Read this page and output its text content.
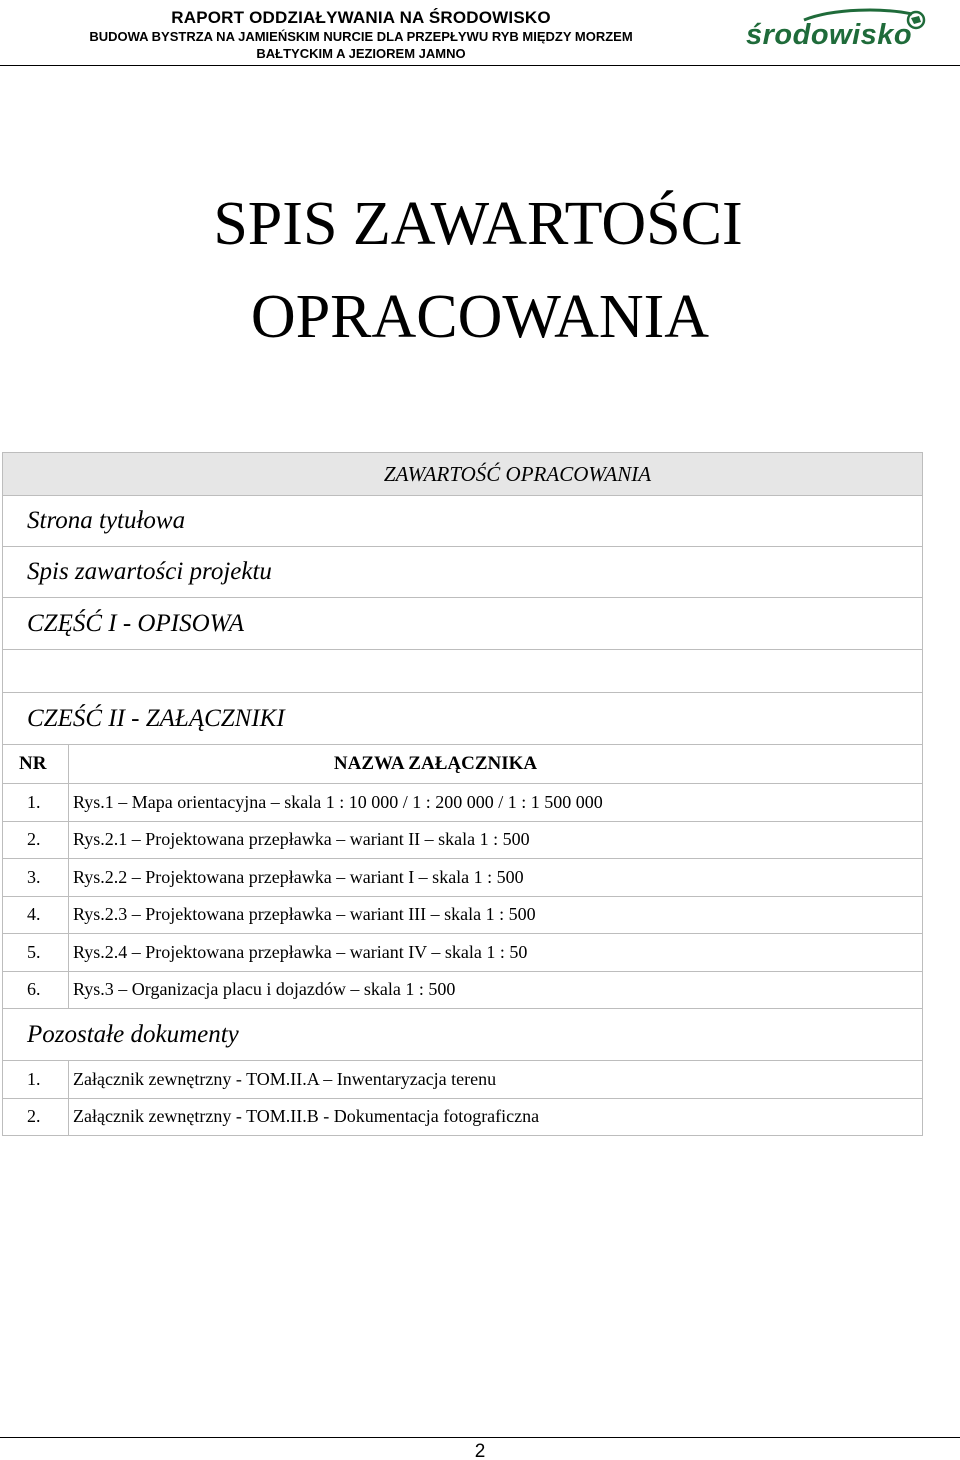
RAPORT ODDZIAŁYWANIA NA ŚRODOWISKO
BUDOWA BYSTRZA NA JAMIEŃSKIM NURCIE DLA PRZEPŁYWU RYB MIĘDZY MORZEM
BAŁTYCKIM A JEZIOREM JAMNO
środowisko
SPIS ZAWARTOŚCI
OPRACOWANIA
ZAWARTOŚĆ OPRACOWANIA	
Strona tytułowa	
Spis zawartości projektu	
CZĘŚĆ I - OPISOWA	

CZEŚĆ II - ZAŁĄCZNIKI	
NR	NAZWA ZAŁĄCZNIKA
1.	Rys.1 – Mapa orientacyjna – skala 1 : 10 000 / 1 : 200 000 / 1 : 1 500 000
2.	Rys.2.1 – Projektowana przepławka – wariant II – skala 1 : 500
3.	Rys.2.2 – Projektowana przepławka – wariant I – skala 1 : 500
4.	Rys.2.3 – Projektowana przepławka – wariant III – skala 1 : 500
5.	Rys.2.4 – Projektowana przepławka – wariant IV – skala 1 : 50
6.	Rys.3 – Organizacja placu i dojazdów – skala 1 : 500
Pozostałe dokumenty	
1.	Załącznik zewnętrzny - TOM.II.A – Inwentaryzacja terenu
2.	Załącznik zewnętrzny - TOM.II.B - Dokumentacja fotograficzna
2
